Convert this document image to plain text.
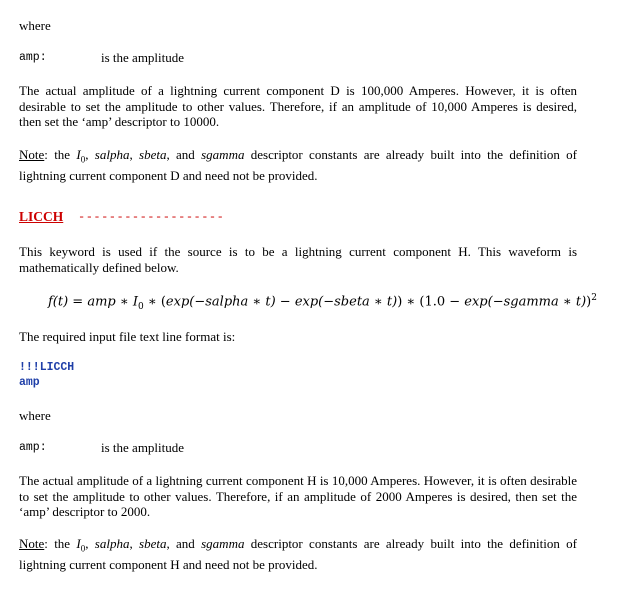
where
amp:	is the amplitude
The actual amplitude of a lightning current component D is 100,000 Amperes. However, it is often desirable to set the amplitude to other values. Therefore, if an amplitude of 10,000 Amperes is desired, then set the ‘amp’ descriptor to 10000.
Note: the $I_0$, salpha, sbeta, and sgamma descriptor constants are already built into the definition of lightning current component D and need not be provided.
LICCH -------------------
This keyword is used if the source is to be a lightning current component H. This waveform is mathematically defined below.
f(t) = amp ∗ $I_0$ ∗ (exp(−salpha ∗ t) − exp(−sbeta ∗ t)) ∗ (1.0 − exp(−sgamma ∗ t))$^2$
The required input file text line format is:
!!!LICCH
amp
where
amp:	is the amplitude
The actual amplitude of a lightning current component H is 10,000 Amperes. However, it is often desirable to set the amplitude to other values. Therefore, if an amplitude of 2000 Amperes is desired, then set the ‘amp’ descriptor to 2000.
Note: the $I_0$, salpha, sbeta, and sgamma descriptor constants are already built into the definition of lightning current component H and need not be provided.
